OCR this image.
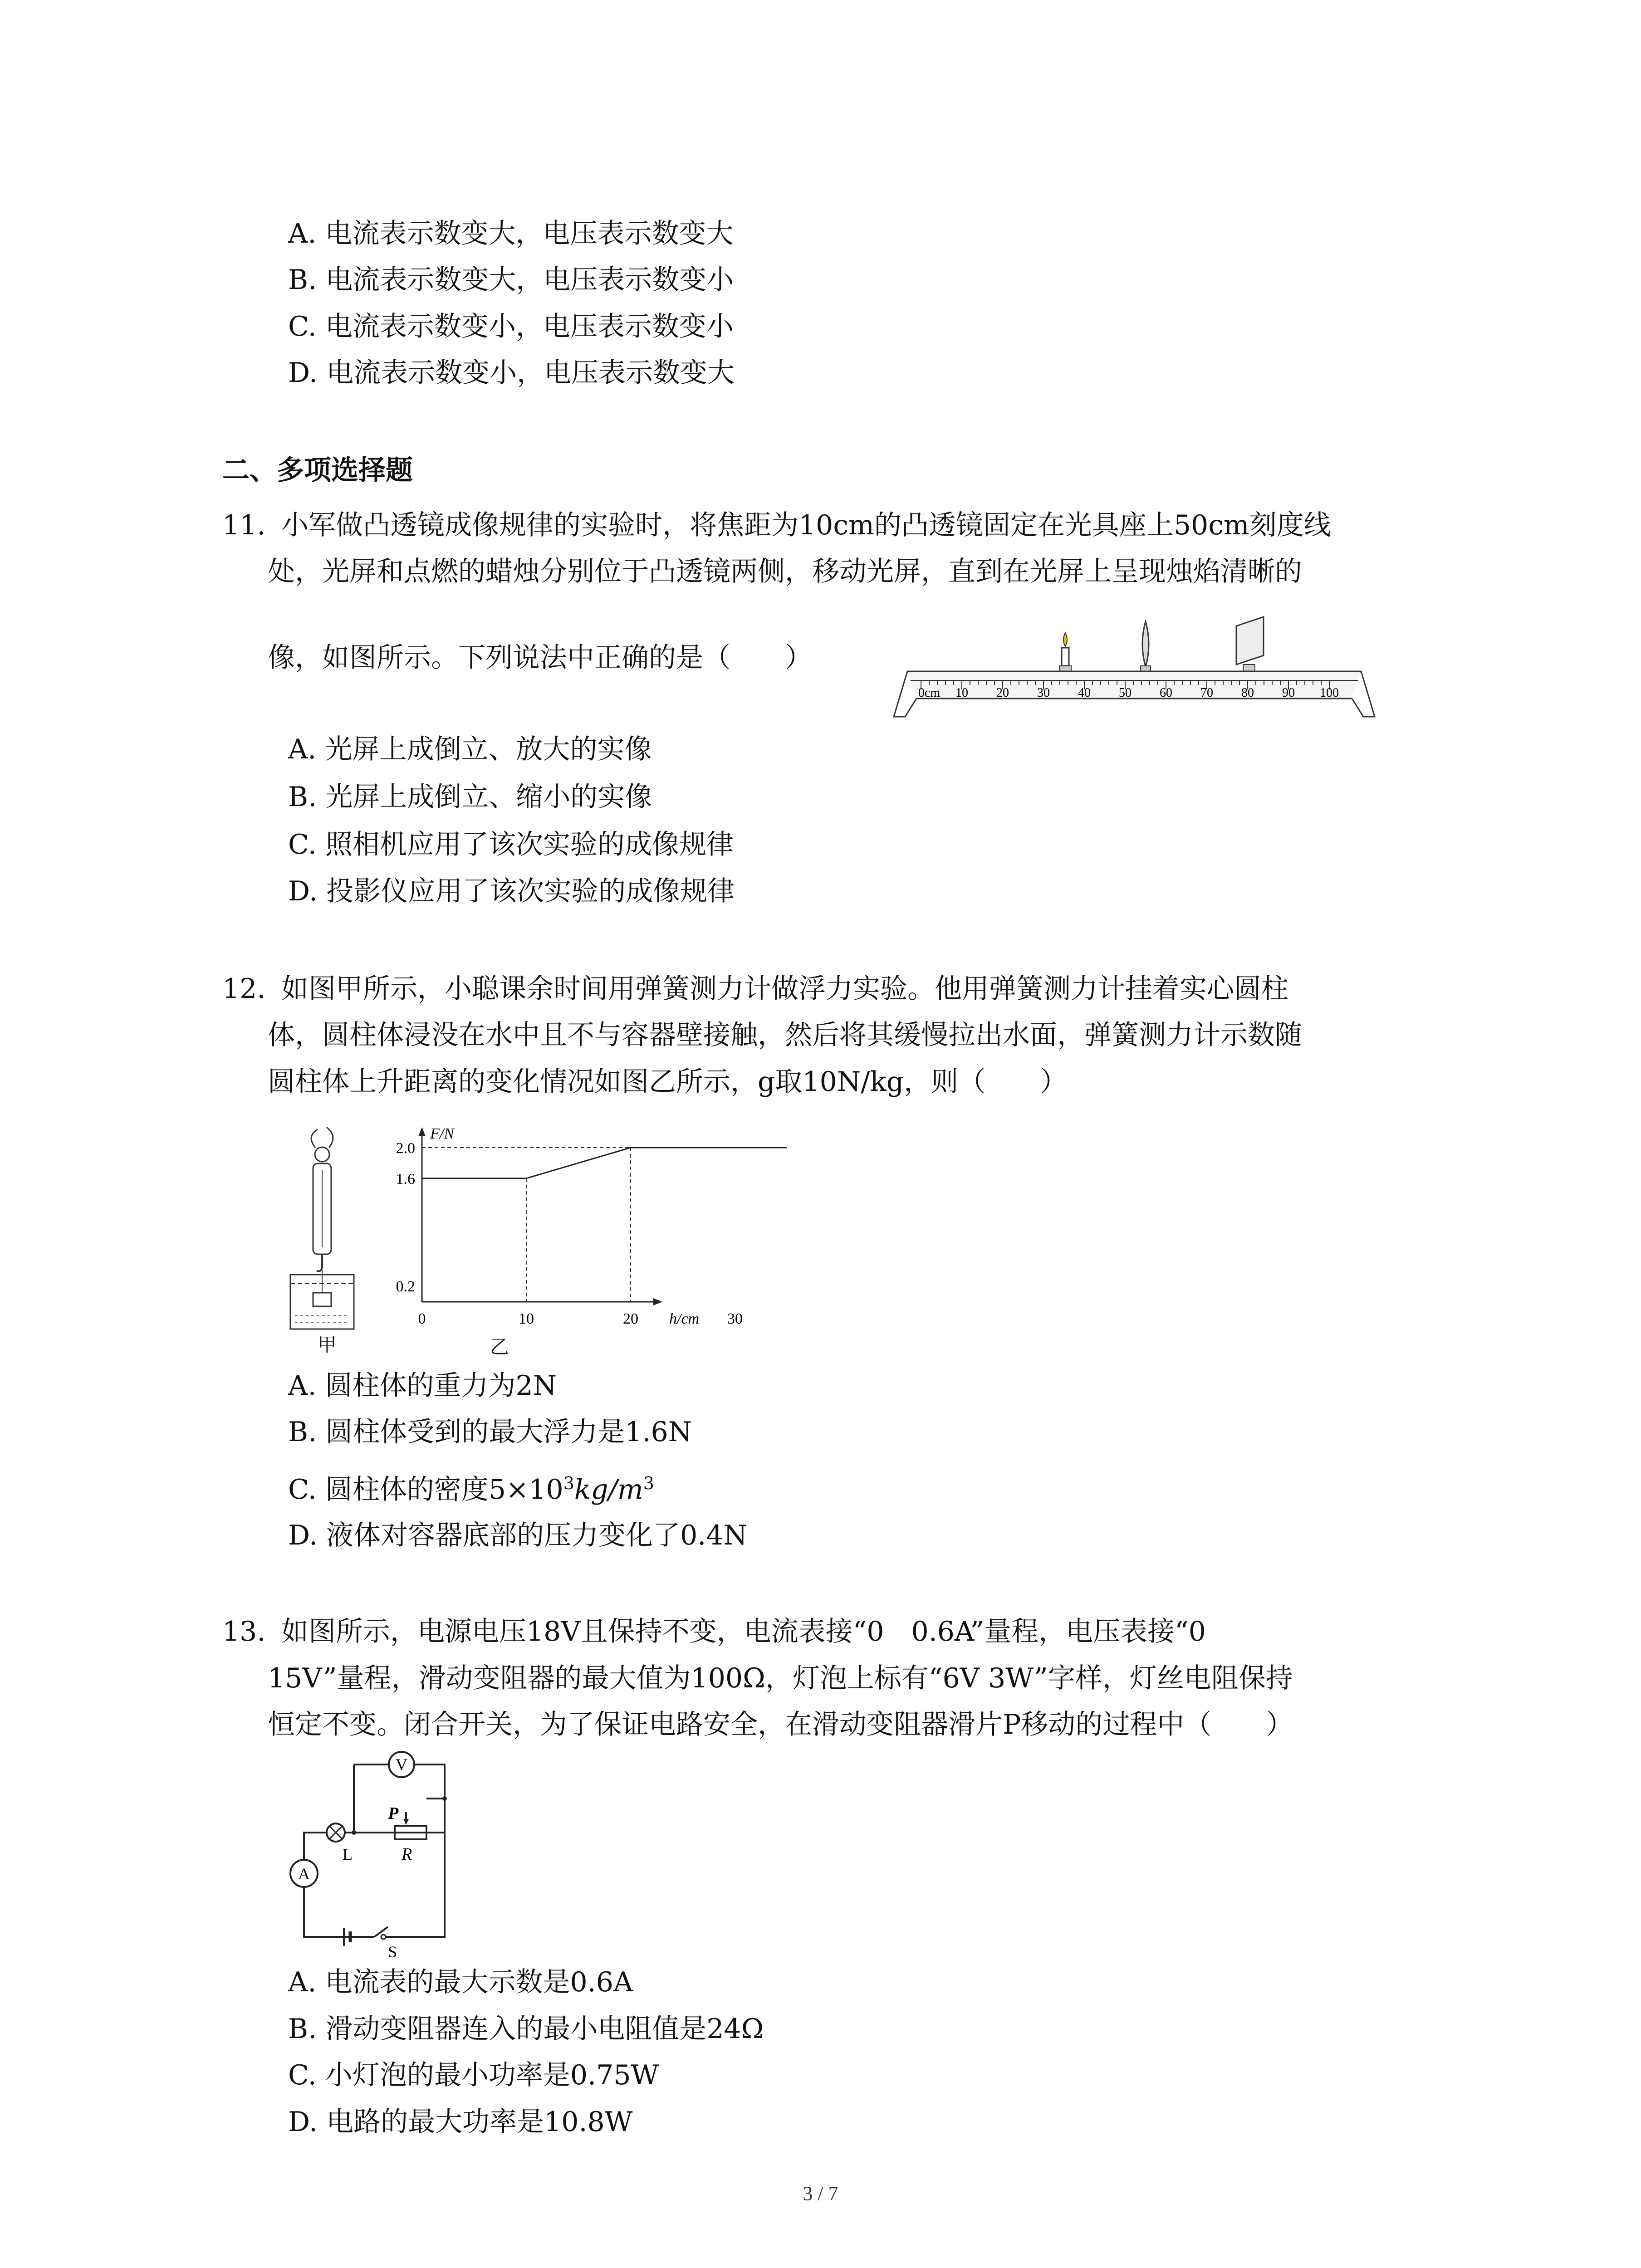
A. 电流表示数变大，电压表示数变大
B. 电流表示数变大，电压表示数变小
C. 电流表示数变小，电压表示数变小
D. 电流表示数变小，电压表示数变大
二、多项选择题
11. 小军做凸透镜成像规律的实验时，将焦距为10cm的凸透镜固定在光具座上50cm刻度线
处，光屏和点燃的蜡烛分别位于凸透镜两侧，移动光屏，直到在光屏上呈现烛焰清晰的
像，如图所示。下列说法中正确的是（　　）
0cm 10 20 30 40 50 60 70 80 90 100
A. 光屏上成倒立、放大的实像
B. 光屏上成倒立、缩小的实像
C. 照相机应用了该次实验的成像规律
D. 投影仪应用了该次实验的成像规律
12. 如图甲所示，小聪课余时间用弹簧测力计做浮力实验。他用弹簧测力计挂着实心圆柱
体，圆柱体浸没在水中且不与容器壁接触，然后将其缓慢拉出水面，弹簧测力计示数随
圆柱体上升距离的变化情况如图乙所示，g取10N/kg，则（　　）
甲
0.2
1.6
2.0
0	10	20	30
F/N
h/cm
乙
A. 圆柱体的重力为2N
B. 圆柱体受到的最大浮力是1.6N
C. 圆柱体的密度$5\times 10^3kg/m^3$
D. 液体对容器底部的压力变化了0.4N
13. 如图所示，电源电压18V且保持不变，电流表接“0　0.6A”量程，电压表接“0
15V”量程，滑动变阻器的最大值为100Ω，灯泡上标有“6V 3W”字样，灯丝电阻保持
恒定不变。闭合开关，为了保证电路安全，在滑动变阻器滑片P移动的过程中（　　）
V
A
L
P
R
S
A. 电流表的最大示数是0.6A
B. 滑动变阻器连入的最小电阻值是24Ω
C. 小灯泡的最小功率是0.75W
D. 电路的最大功率是10.8W
3 / 7
